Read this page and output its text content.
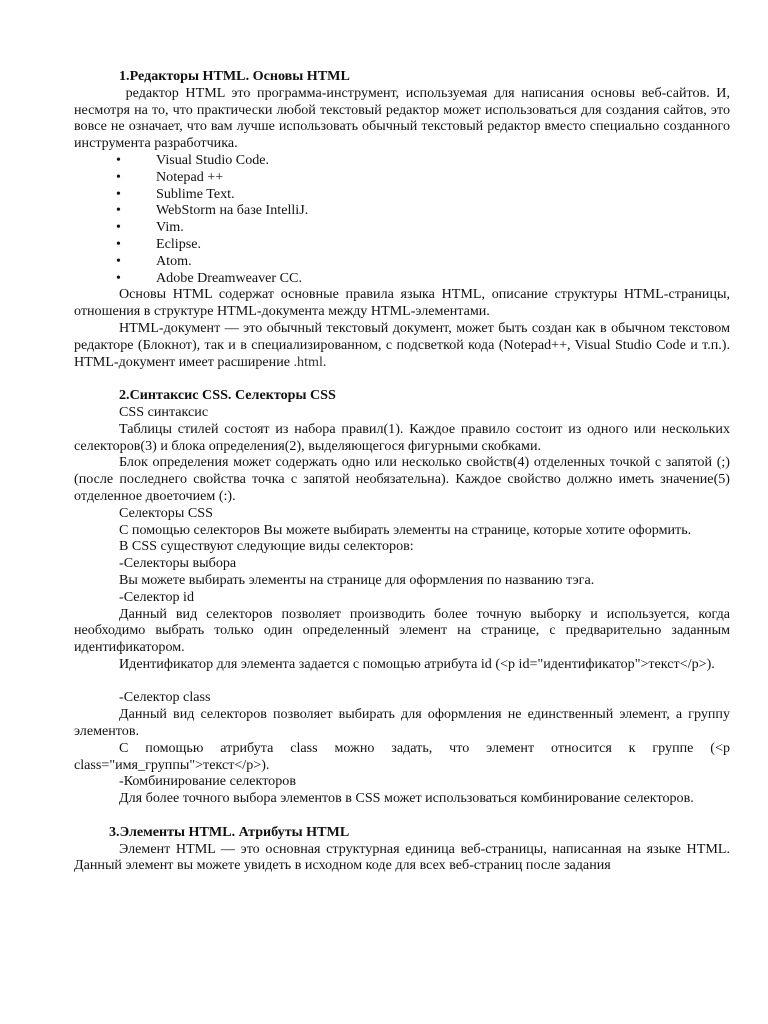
1.Редакторы HTML. Основы HTML

редактор HTML это программа-инструмент, используемая для написания основы веб-сайтов. И, несмотря на то, что практически любой текстовый редактор может использоваться для создания сайтов, это вовсе не означает, что вам лучше использовать обычный текстовый редактор вместо специально созданного инструмента разработчика.

• Visual Studio Code.
• Notepad ++
• Sublime Text.
• WebStorm на базе IntelliJ.
• Vim.
• Eclipse.
• Atom.
• Adobe Dreamweaver CC.

Основы HTML содержат основные правила языка HTML, описание структуры HTML-страницы, отношения в структуре HTML-документа между HTML-элементами.

HTML-документ — это обычный текстовый документ, может быть создан как в обычном текстовом редакторе (Блокнот), так и в специализированном, с подсветкой кода (Notepad++, Visual Studio Code и т.п.). HTML-документ имеет расширение .html.

2.Синтаксис CSS. Селекторы CSS

CSS синтаксис

Таблицы стилей состоят из набора правил(1). Каждое правило состоит из одного или нескольких селекторов(3) и блока определения(2), выделяющегося фигурными скобками.

Блок определения может содержать одно или несколько свойств(4) отделенных точкой с запятой (;) (после последнего свойства точка с запятой необязательна). Каждое свойство должно иметь значение(5) отделенное двоеточием (:).

Селекторы CSS

С помощью селекторов Вы можете выбирать элементы на странице, которые хотите оформить.

В CSS существуют следующие виды селекторов:

-Селекторы выбора

Вы можете выбирать элементы на странице для оформления по названию тэга.

-Селектор id

Данный вид селекторов позволяет производить более точную выборку и используется, когда необходимо выбрать только один определенный элемент на странице, с предварительно заданным идентификатором.

Идентификатор для элемента задается с помощью атрибута id (<p id="идентификатор">текст</p>).

-Селектор class

Данный вид селекторов позволяет выбирать для оформления не единственный элемент, а группу элементов.

С помощью атрибута class можно задать, что элемент относится к группе (<p class="имя_группы">текст</p>).

-Комбинирование селекторов

Для более точного выбора элементов в CSS может использоваться комбинирование селекторов.

3.Элементы HTML. Атрибуты HTML

Элемент HTML — это основная структурная единица веб-страницы, написанная на языке HTML. Данный элемент вы можете увидеть в исходном коде для всех веб-страниц после задания
